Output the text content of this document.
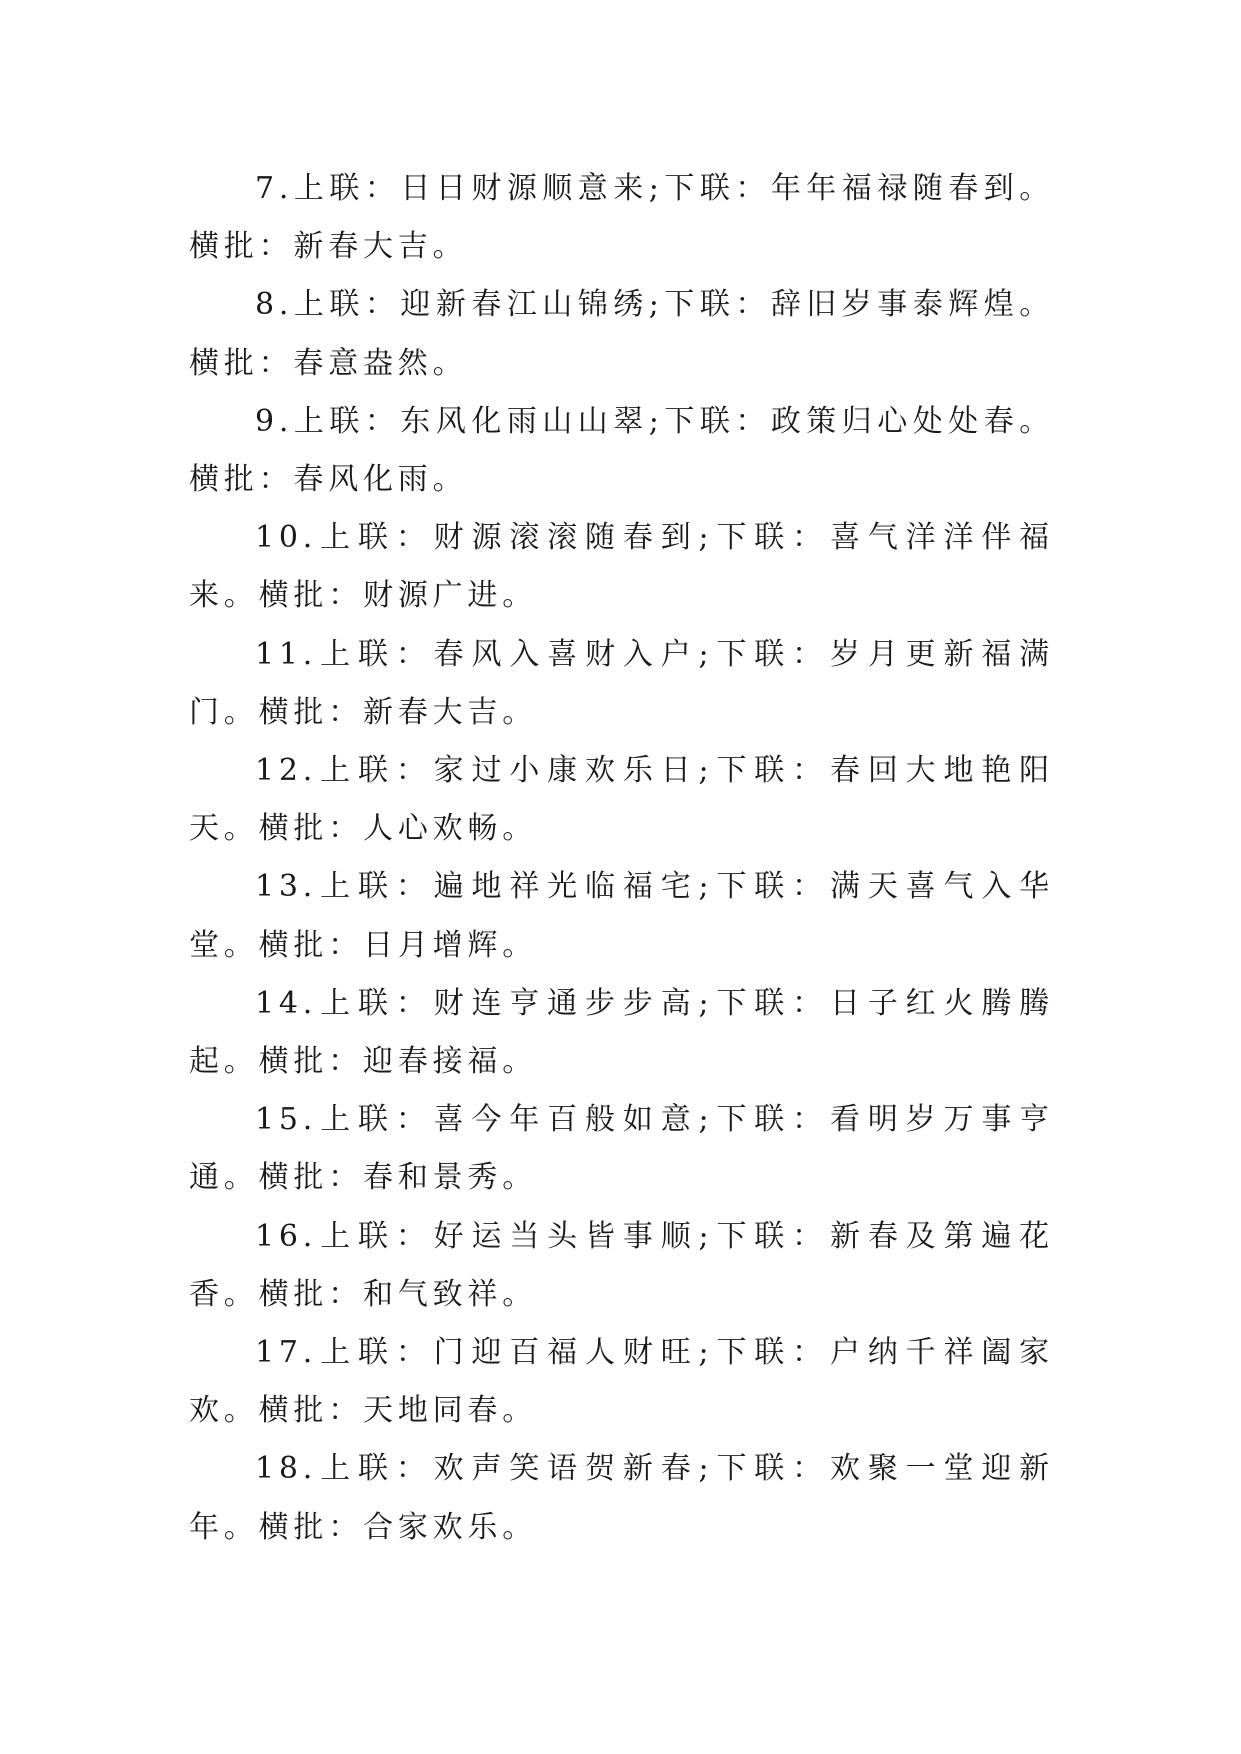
7.上联：日日财源顺意来;下联：年年福禄随春到。横批：新春大吉。

8.上联：迎新春江山锦绣;下联：辞旧岁事泰辉煌。横批：春意盎然。

9.上联：东风化雨山山翠;下联：政策归心处处春。横批：春风化雨。

10.上联：财源滚滚随春到;下联：喜气洋洋伴福来。横批：财源广进。

11.上联：春风入喜财入户;下联：岁月更新福满门。横批：新春大吉。

12.上联：家过小康欢乐日;下联：春回大地艳阳天。横批：人心欢畅。

13.上联：遍地祥光临福宅;下联：满天喜气入华堂。横批：日月增辉。

14.上联：财连亨通步步高;下联：日子红火腾腾起。横批：迎春接福。

15.上联：喜今年百般如意;下联：看明岁万事亨通。横批：春和景秀。

16.上联：好运当头皆事顺;下联：新春及第遍花香。横批：和气致祥。

17.上联：门迎百福人财旺;下联：户纳千祥阖家欢。横批：天地同春。

18.上联：欢声笑语贺新春;下联：欢聚一堂迎新年。横批：合家欢乐。
